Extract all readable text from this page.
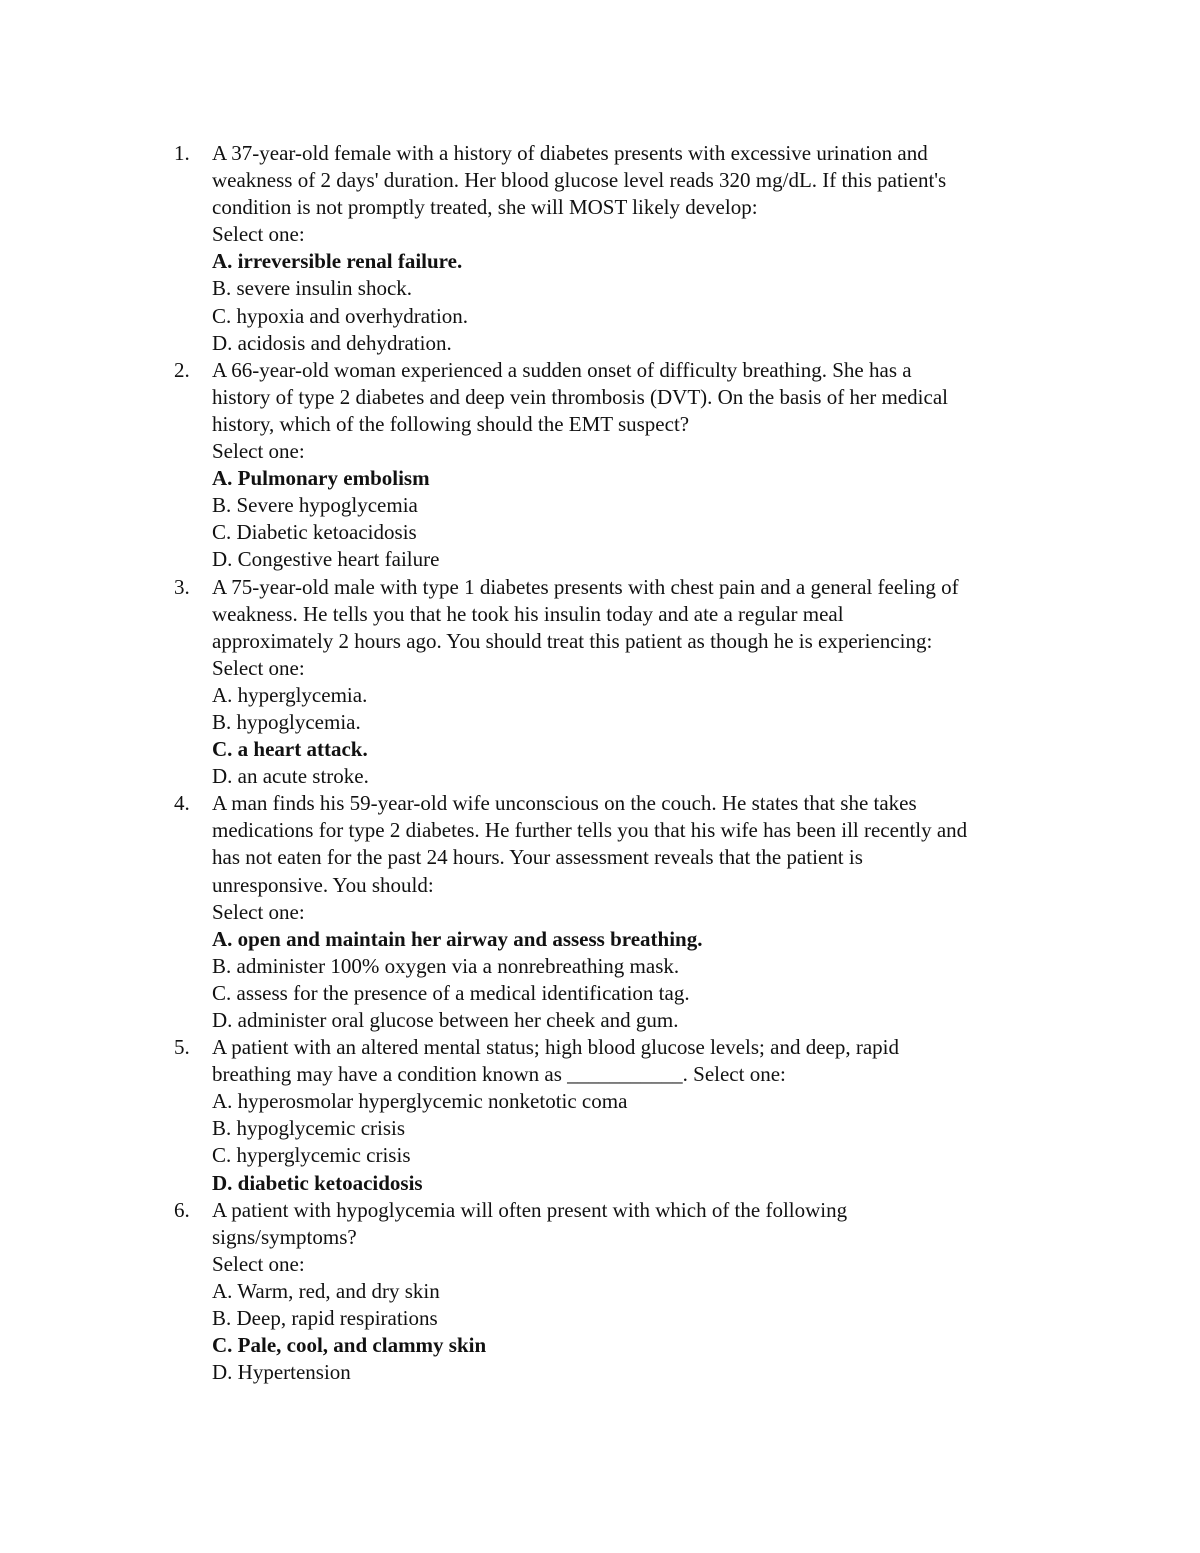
1. A 37-year-old female with a history of diabetes presents with excessive urination and
weakness of 2 days' duration. Her blood glucose level reads 320 mg/dL. If this patient's
condition is not promptly treated, she will MOST likely develop:
Select one:
A. irreversible renal failure.
B. severe insulin shock.
C. hypoxia and overhydration.
D. acidosis and dehydration.
2. A 66-year-old woman experienced a sudden onset of difficulty breathing. She has a
history of type 2 diabetes and deep vein thrombosis (DVT). On the basis of her medical
history, which of the following should the EMT suspect?
Select one:
A. Pulmonary embolism
B. Severe hypoglycemia
C. Diabetic ketoacidosis
D. Congestive heart failure
3. A 75-year-old male with type 1 diabetes presents with chest pain and a general feeling of
weakness. He tells you that he took his insulin today and ate a regular meal
approximately 2 hours ago. You should treat this patient as though he is experiencing:
Select one:
A. hyperglycemia.
B. hypoglycemia.
C. a heart attack.
D. an acute stroke.
4. A man finds his 59-year-old wife unconscious on the couch. He states that she takes
medications for type 2 diabetes. He further tells you that his wife has been ill recently and
has not eaten for the past 24 hours. Your assessment reveals that the patient is
unresponsive. You should:
Select one:
A. open and maintain her airway and assess breathing.
B. administer 100% oxygen via a nonrebreathing mask.
C. assess for the presence of a medical identification tag.
D. administer oral glucose between her cheek and gum.
5. A patient with an altered mental status; high blood glucose levels; and deep, rapid
breathing may have a condition known as ___________. Select one:
A. hyperosmolar hyperglycemic nonketotic coma
B. hypoglycemic crisis
C. hyperglycemic crisis
D. diabetic ketoacidosis
6. A patient with hypoglycemia will often present with which of the following
signs/symptoms?
Select one:
A. Warm, red, and dry skin
B. Deep, rapid respirations
C. Pale, cool, and clammy skin
D. Hypertension
